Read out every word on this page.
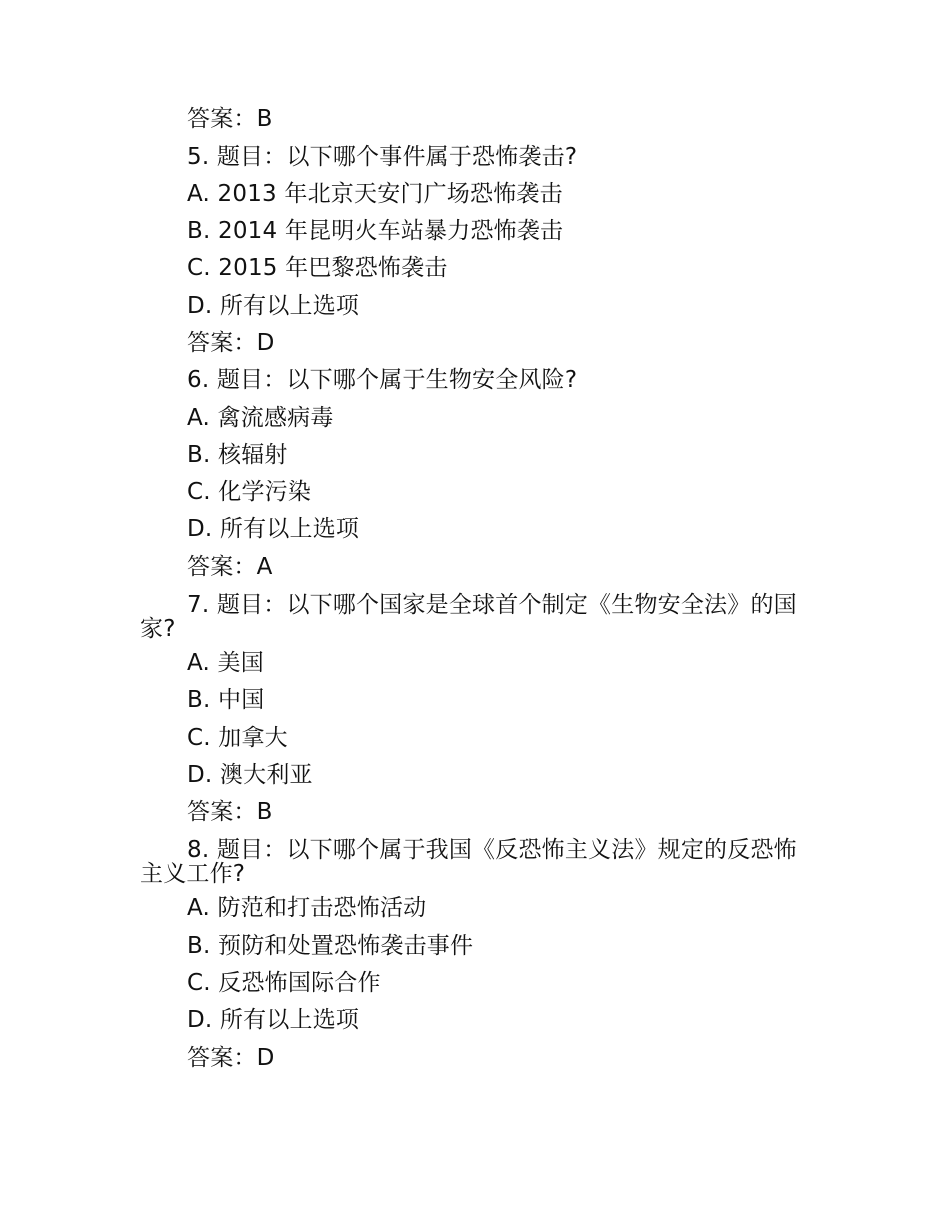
答案：B
5. 题目：以下哪个事件属于恐怖袭击?
A. 2013 年北京天安门广场恐怖袭击
B. 2014 年昆明火车站暴力恐怖袭击
C. 2015 年巴黎恐怖袭击
D. 所有以上选项
答案：D
6. 题目：以下哪个属于生物安全风险?
A. 禽流感病毒
B. 核辐射
C. 化学污染
D. 所有以上选项
答案：A
7. 题目：以下哪个国家是全球首个制定《生物安全法》的国家?
A. 美国
B. 中国
C. 加拿大
D. 澳大利亚
答案：B
8. 题目：以下哪个属于我国《反恐怖主义法》规定的反恐怖主义工作?
A. 防范和打击恐怖活动
B. 预防和处置恐怖袭击事件
C. 反恐怖国际合作
D. 所有以上选项
答案：D
